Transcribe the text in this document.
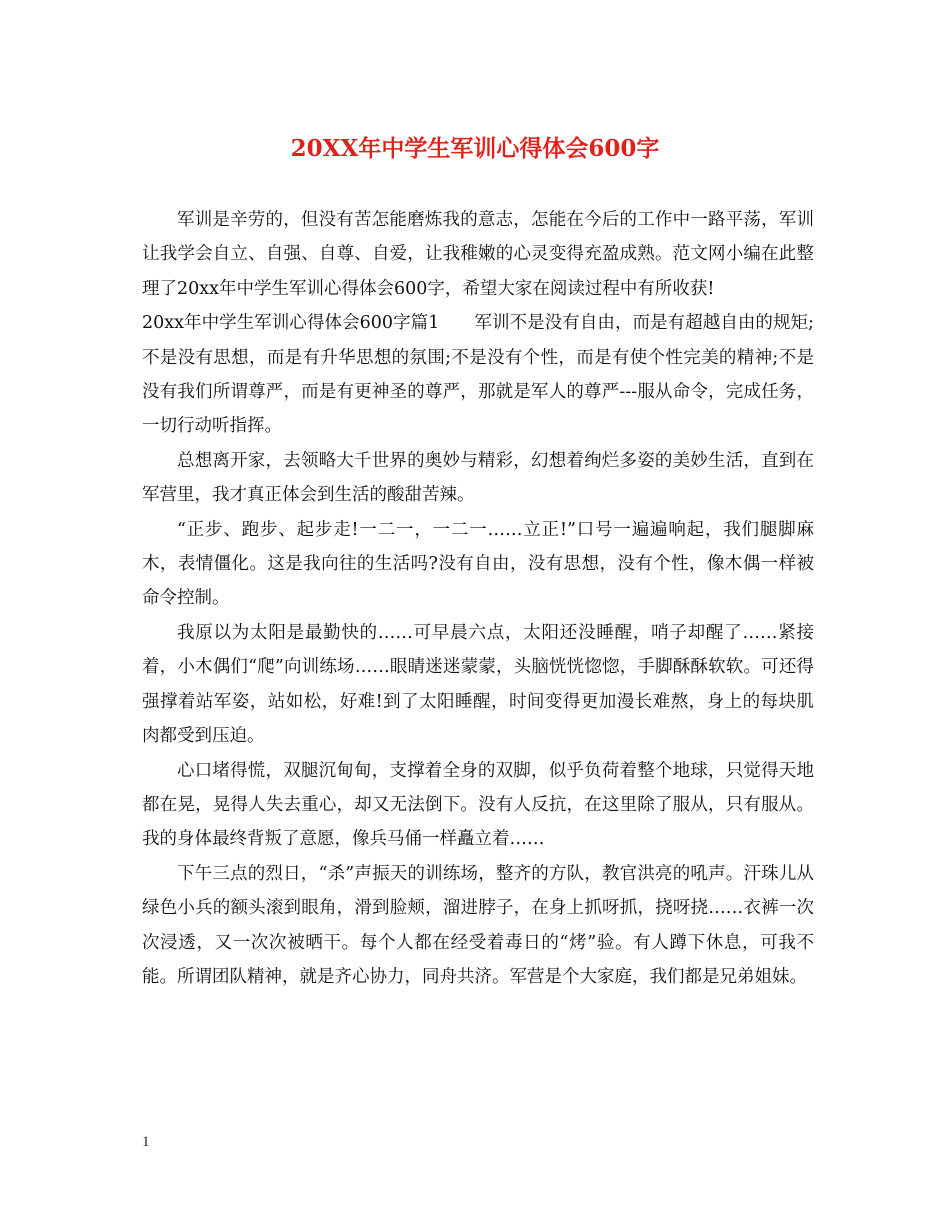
20XX年中学生军训心得体会600字

军训是辛劳的，但没有苦怎能磨炼我的意志，怎能在今后的工作中一路平荡，军训让我学会自立、自强、自尊、自爱，让我稚嫩的心灵变得充盈成熟。范文网小编在此整理了20xx年中学生军训心得体会600字，希望大家在阅读过程中有所收获!

20xx年中学生军训心得体会600字篇1　　军训不是没有自由，而是有超越自由的规矩;不是没有思想，而是有升华思想的氛围;不是没有个性，而是有使个性完美的精神;不是没有我们所谓尊严，而是有更神圣的尊严，那就是军人的尊严---服从命令，完成任务，一切行动听指挥。

总想离开家，去领略大千世界的奥妙与精彩，幻想着绚烂多姿的美妙生活，直到在军营里，我才真正体会到生活的酸甜苦辣。

“正步、跑步、起步走!一二一，一二一……立正!”口号一遍遍响起，我们腿脚麻木，表情僵化。这是我向往的生活吗?没有自由，没有思想，没有个性，像木偶一样被命令控制。

我原以为太阳是最勤快的……可早晨六点，太阳还没睡醒，哨子却醒了……紧接着，小木偶们“爬”向训练场……眼睛迷迷蒙蒙，头脑恍恍惚惚，手脚酥酥软软。可还得强撑着站军姿，站如松，好难!到了太阳睡醒，时间变得更加漫长难熬，身上的每块肌肉都受到压迫。

心口堵得慌，双腿沉甸甸，支撑着全身的双脚，似乎负荷着整个地球，只觉得天地都在晃，晃得人失去重心，却又无法倒下。没有人反抗，在这里除了服从，只有服从。我的身体最终背叛了意愿，像兵马俑一样矗立着……

下午三点的烈日，“杀”声振天的训练场，整齐的方队，教官洪亮的吼声。汗珠儿从绿色小兵的额头滚到眼角，滑到脸颊，溜进脖子，在身上抓呀抓，挠呀挠……衣裤一次次浸透，又一次次被晒干。每个人都在经受着毒日的“烤”验。有人蹲下休息，可我不能。所谓团队精神，就是齐心协力，同舟共济。军营是个大家庭，我们都是兄弟姐妹。

1
